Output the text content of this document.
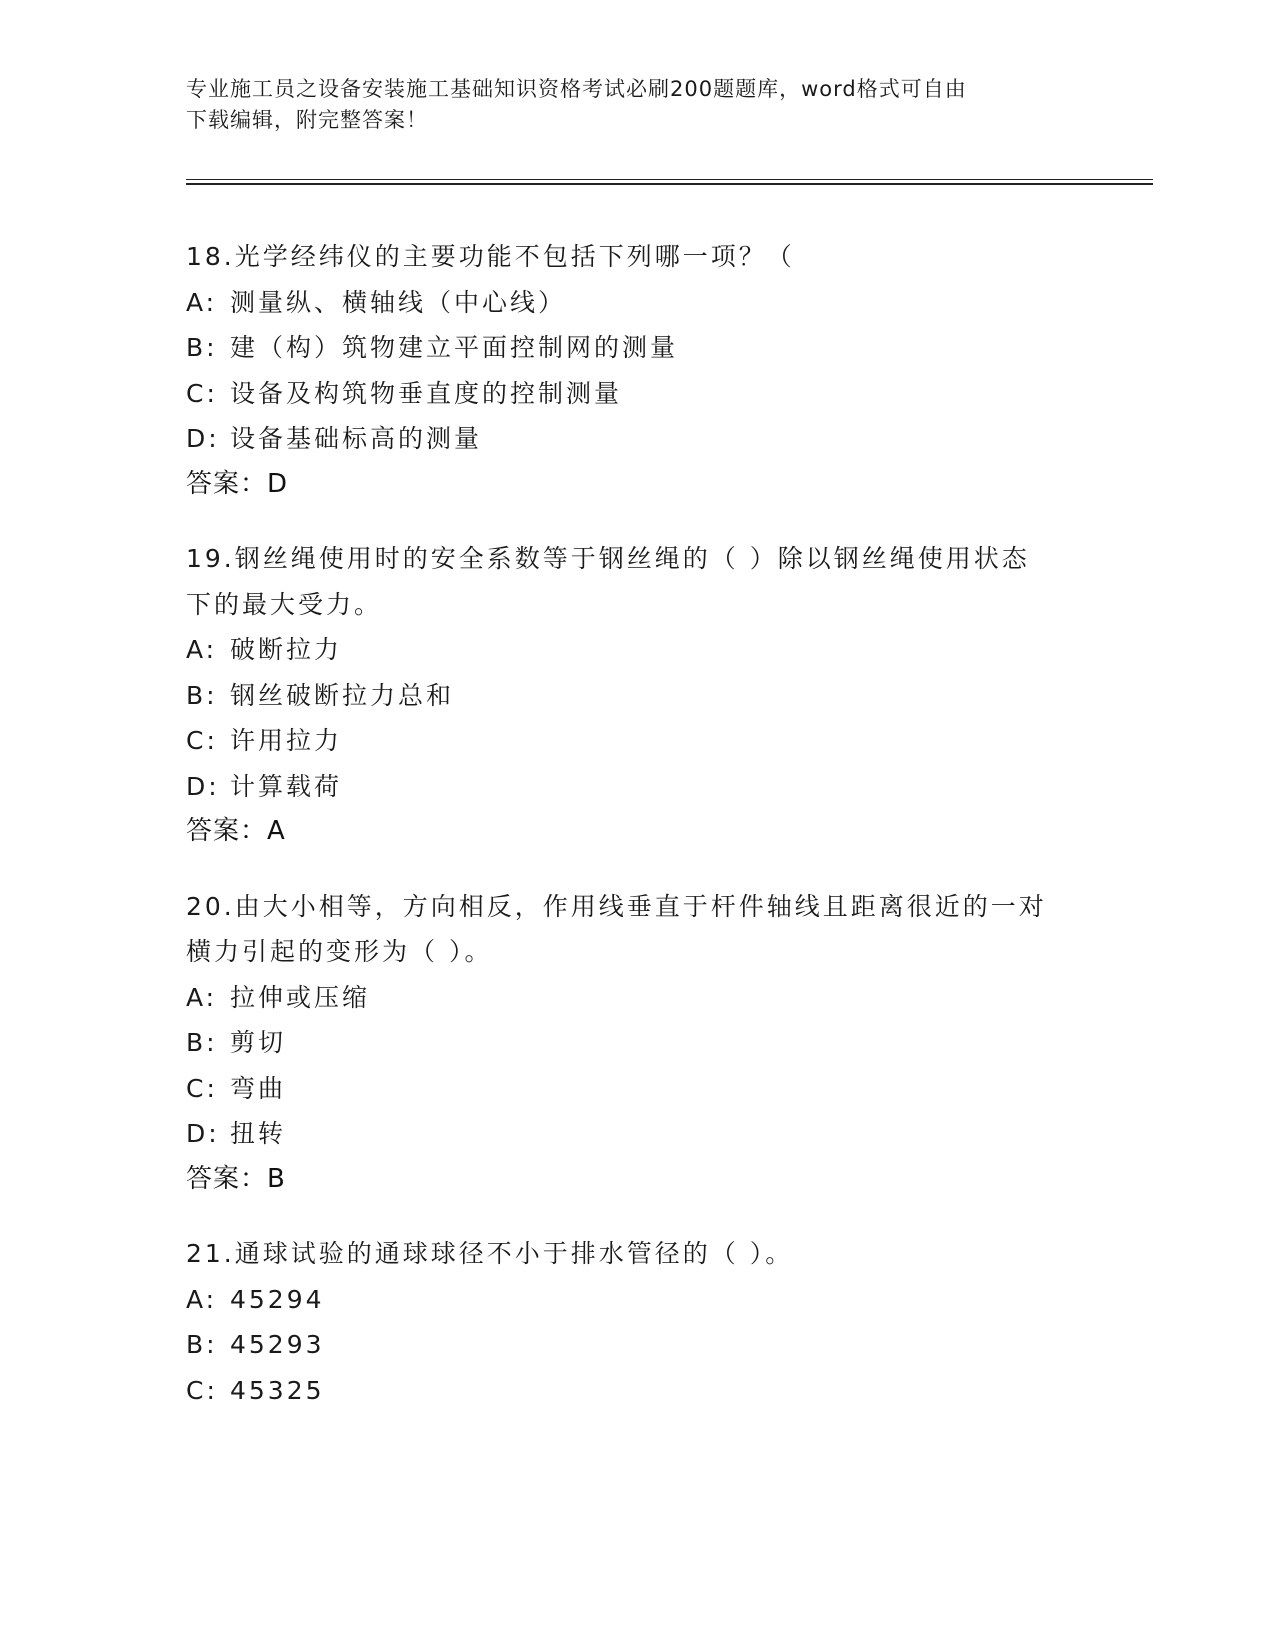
专业施工员之设备安装施工基础知识资格考试必刷200题题库，word格式可自由
下载编辑，附完整答案！
18.光学经纬仪的主要功能不包括下列哪一项？（
A: 测量纵、横轴线（中心线）
B: 建（构）筑物建立平面控制网的测量
C: 设备及构筑物垂直度的控制测量
D: 设备基础标高的测量
答案：D
19.钢丝绳使用时的安全系数等于钢丝绳的（ ）除以钢丝绳使用状态
下的最大受力。
A: 破断拉力
B: 钢丝破断拉力总和
C: 许用拉力
D: 计算载荷
答案：A
20.由大小相等，方向相反，作用线垂直于杆件轴线且距离很近的一对
横力引起的变形为（ ）。
A: 拉伸或压缩
B: 剪切
C: 弯曲
D: 扭转
答案：B
21.通球试验的通球球径不小于排水管径的（ ）。
A: 45294
B: 45293
C: 45325
